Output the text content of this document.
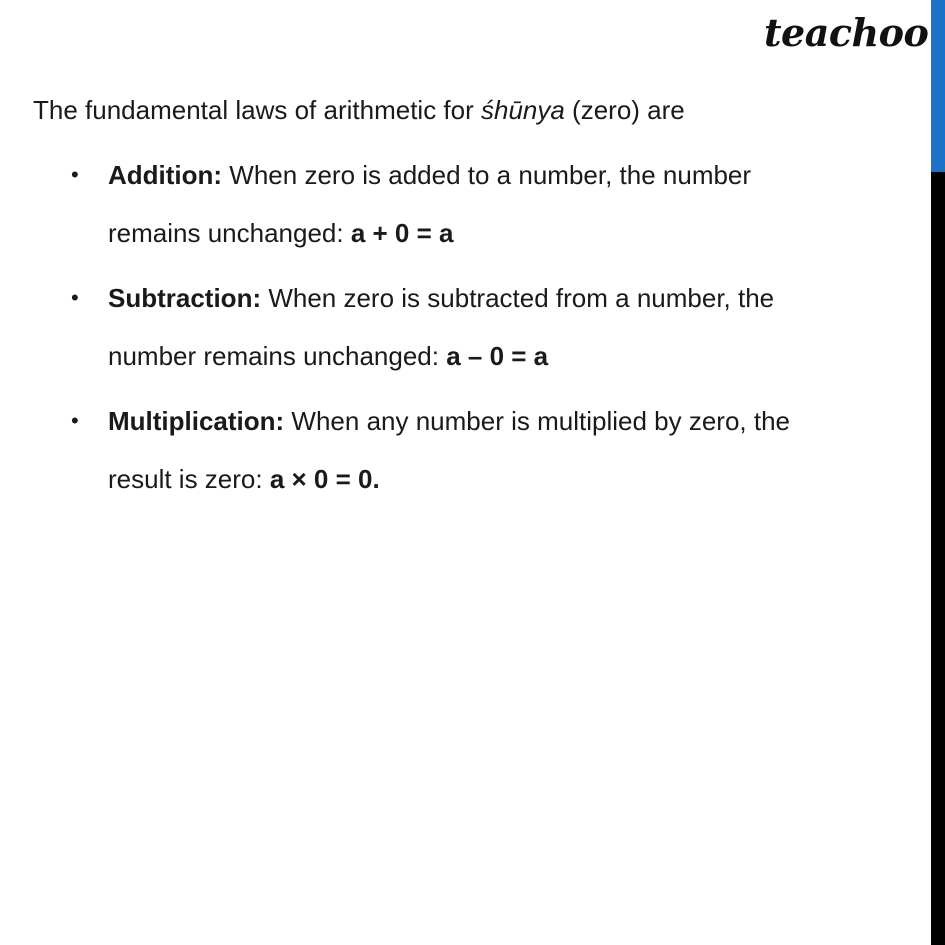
teachoo
The fundamental laws of arithmetic for śhūnya (zero) are
• Addition: When zero is added to a number, the number
remains unchanged: a + 0 = a
• Subtraction: When zero is subtracted from a number, the
number remains unchanged: a – 0 = a
• Multiplication: When any number is multiplied by zero, the
result is zero: a × 0 = 0.
